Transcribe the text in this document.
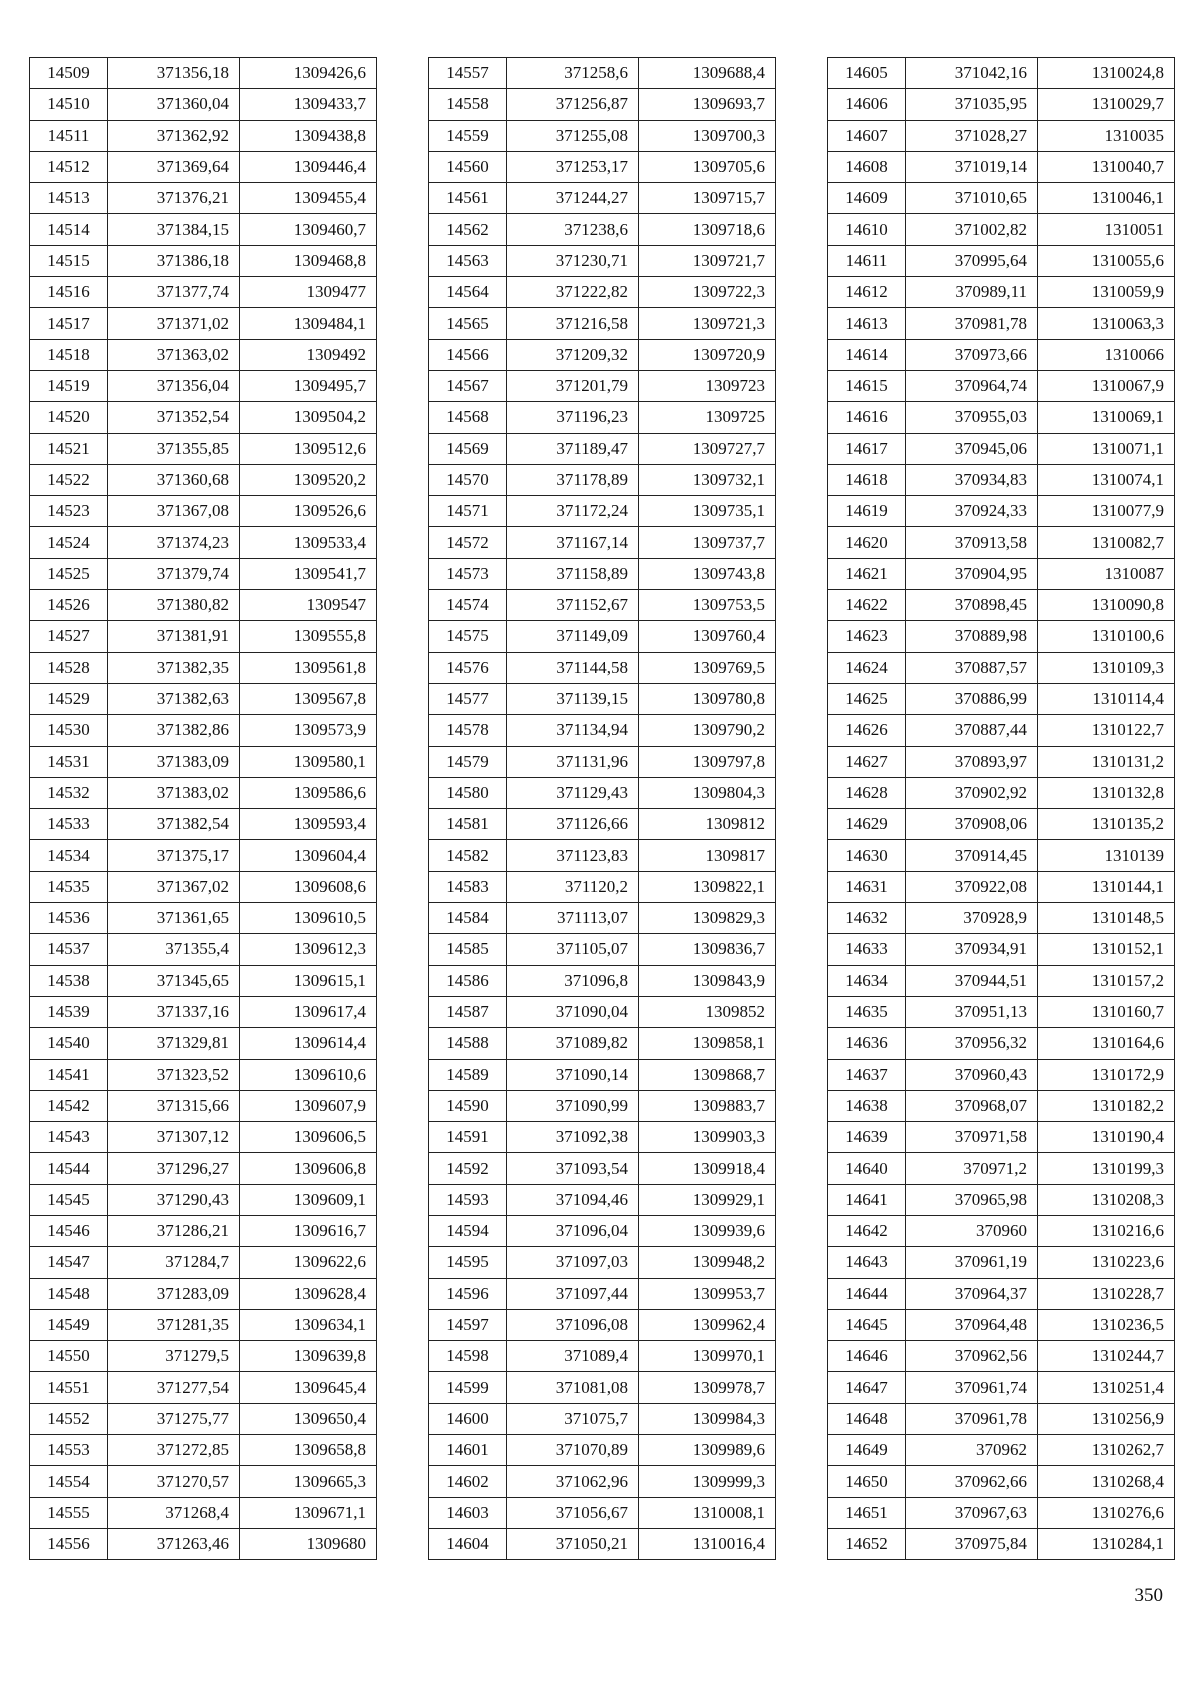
14509	371356,18	1309426,6
14510	371360,04	1309433,7
14511	371362,92	1309438,8
14512	371369,64	1309446,4
14513	371376,21	1309455,4
14514	371384,15	1309460,7
14515	371386,18	1309468,8
14516	371377,74	1309477
14517	371371,02	1309484,1
14518	371363,02	1309492
14519	371356,04	1309495,7
14520	371352,54	1309504,2
14521	371355,85	1309512,6
14522	371360,68	1309520,2
14523	371367,08	1309526,6
14524	371374,23	1309533,4
14525	371379,74	1309541,7
14526	371380,82	1309547
14527	371381,91	1309555,8
14528	371382,35	1309561,8
14529	371382,63	1309567,8
14530	371382,86	1309573,9
14531	371383,09	1309580,1
14532	371383,02	1309586,6
14533	371382,54	1309593,4
14534	371375,17	1309604,4
14535	371367,02	1309608,6
14536	371361,65	1309610,5
14537	371355,4	1309612,3
14538	371345,65	1309615,1
14539	371337,16	1309617,4
14540	371329,81	1309614,4
14541	371323,52	1309610,6
14542	371315,66	1309607,9
14543	371307,12	1309606,5
14544	371296,27	1309606,8
14545	371290,43	1309609,1
14546	371286,21	1309616,7
14547	371284,7	1309622,6
14548	371283,09	1309628,4
14549	371281,35	1309634,1
14550	371279,5	1309639,8
14551	371277,54	1309645,4
14552	371275,77	1309650,4
14553	371272,85	1309658,8
14554	371270,57	1309665,3
14555	371268,4	1309671,1
14556	371263,46	1309680
14557	371258,6	1309688,4
14558	371256,87	1309693,7
14559	371255,08	1309700,3
14560	371253,17	1309705,6
14561	371244,27	1309715,7
14562	371238,6	1309718,6
14563	371230,71	1309721,7
14564	371222,82	1309722,3
14565	371216,58	1309721,3
14566	371209,32	1309720,9
14567	371201,79	1309723
14568	371196,23	1309725
14569	371189,47	1309727,7
14570	371178,89	1309732,1
14571	371172,24	1309735,1
14572	371167,14	1309737,7
14573	371158,89	1309743,8
14574	371152,67	1309753,5
14575	371149,09	1309760,4
14576	371144,58	1309769,5
14577	371139,15	1309780,8
14578	371134,94	1309790,2
14579	371131,96	1309797,8
14580	371129,43	1309804,3
14581	371126,66	1309812
14582	371123,83	1309817
14583	371120,2	1309822,1
14584	371113,07	1309829,3
14585	371105,07	1309836,7
14586	371096,8	1309843,9
14587	371090,04	1309852
14588	371089,82	1309858,1
14589	371090,14	1309868,7
14590	371090,99	1309883,7
14591	371092,38	1309903,3
14592	371093,54	1309918,4
14593	371094,46	1309929,1
14594	371096,04	1309939,6
14595	371097,03	1309948,2
14596	371097,44	1309953,7
14597	371096,08	1309962,4
14598	371089,4	1309970,1
14599	371081,08	1309978,7
14600	371075,7	1309984,3
14601	371070,89	1309989,6
14602	371062,96	1309999,3
14603	371056,67	1310008,1
14604	371050,21	1310016,4
14605	371042,16	1310024,8
14606	371035,95	1310029,7
14607	371028,27	1310035
14608	371019,14	1310040,7
14609	371010,65	1310046,1
14610	371002,82	1310051
14611	370995,64	1310055,6
14612	370989,11	1310059,9
14613	370981,78	1310063,3
14614	370973,66	1310066
14615	370964,74	1310067,9
14616	370955,03	1310069,1
14617	370945,06	1310071,1
14618	370934,83	1310074,1
14619	370924,33	1310077,9
14620	370913,58	1310082,7
14621	370904,95	1310087
14622	370898,45	1310090,8
14623	370889,98	1310100,6
14624	370887,57	1310109,3
14625	370886,99	1310114,4
14626	370887,44	1310122,7
14627	370893,97	1310131,2
14628	370902,92	1310132,8
14629	370908,06	1310135,2
14630	370914,45	1310139
14631	370922,08	1310144,1
14632	370928,9	1310148,5
14633	370934,91	1310152,1
14634	370944,51	1310157,2
14635	370951,13	1310160,7
14636	370956,32	1310164,6
14637	370960,43	1310172,9
14638	370968,07	1310182,2
14639	370971,58	1310190,4
14640	370971,2	1310199,3
14641	370965,98	1310208,3
14642	370960	1310216,6
14643	370961,19	1310223,6
14644	370964,37	1310228,7
14645	370964,48	1310236,5
14646	370962,56	1310244,7
14647	370961,74	1310251,4
14648	370961,78	1310256,9
14649	370962	1310262,7
14650	370962,66	1310268,4
14651	370967,63	1310276,6
14652	370975,84	1310284,1
350
